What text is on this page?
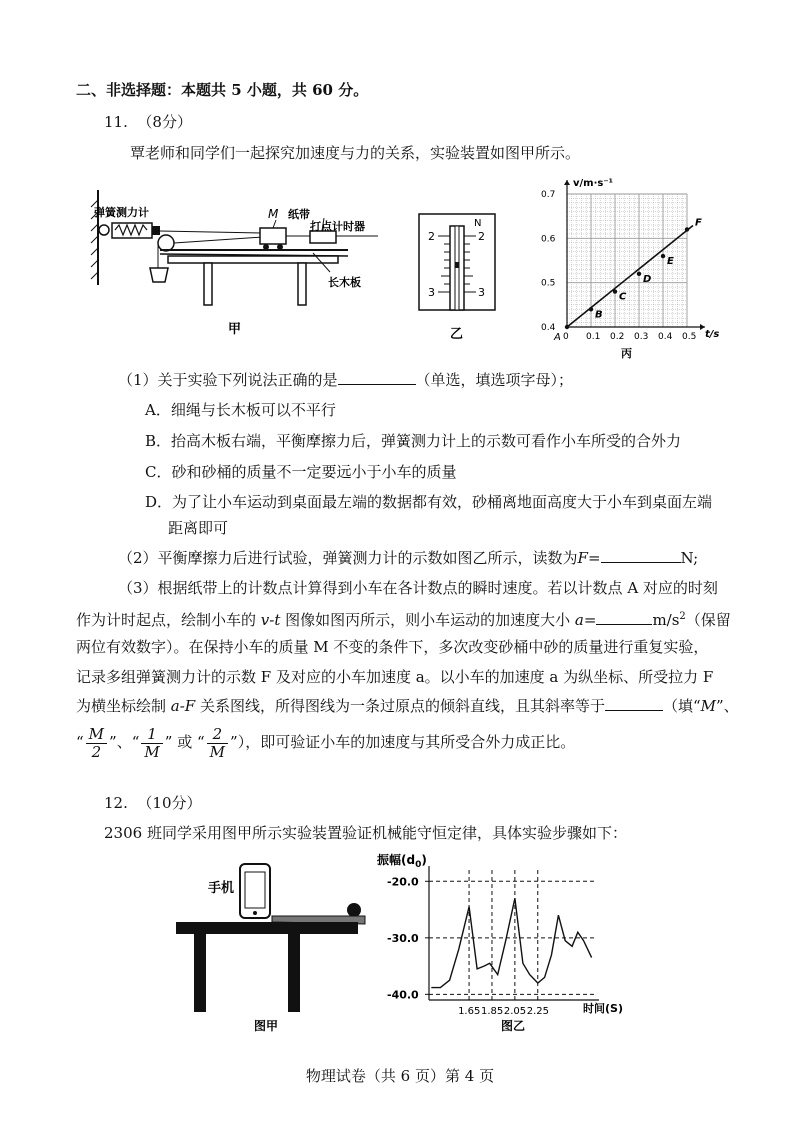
二、非选择题：本题共 5 小题，共 60 分。
11. （8分）
覃老师和同学们一起探究加速度与力的关系，实验装置如图甲所示。
弹簧测力计	M 纸带
打点计时器
长木板
甲
N
2	2
3	3
乙	0 0.1 0.2 0.3 0.4 0.5
0.4
0.5
0.6
0.7
B
C
D
E
F
v/m·s⁻¹
t/s
A
丙
（1）关于实验下列说法正确的是	（单选，填选项字母）；
A．细绳与长木板可以不平行
B．抬高木板右端，平衡摩擦力后，弹簧测力计上的示数可看作小车所受的合外力
C．砂和砂桶的质量不一定要远小于小车的质量
D．为了让小车运动到桌面最左端的数据都有效，砂桶离地面高度大于小车到桌面左端
距离即可
（2）平衡摩擦力后进行试验，弹簧测力计的示数如图乙所示，读数为F=	N;
（3）根据纸带上的计数点计算得到小车在各计数点的瞬时速度。若以计数点 A 对应的时刻
作为计时起点，绘制小车的 v-t 图像如图丙所示，则小车运动的加速度大小 a=	$m/s^2$（保留
两位有效数字）。在保持小车的质量 M 不变的条件下，多次改变砂桶中砂的质量进行重复实验，
记录多组弹簧测力计的示数 F 及对应的小车加速度 a。以小车的加速度 a 为纵坐标、所受拉力 F
为横坐标绘制 a-F 关系图线，所得图线为一条过原点的倾斜直线，且其斜率等于	（填“M”、
“ $\frac{M}{2}$ ”、“ $\frac{1}{M}$ ” 或 “ $\frac{2}{M}$ ”），即可验证小车的加速度与其所受合外力成正比。
12. （10分）
2306 班同学采用图甲所示实验装置验证机械能守恒定律，具体实验步骤如下：
手机
图甲
-20.0
-30.0
-40.0
1.65 1.85 2.05 2.25
振幅$(d_0)$
时间(S)
图乙
物理试卷（共 6 页）第 4 页
